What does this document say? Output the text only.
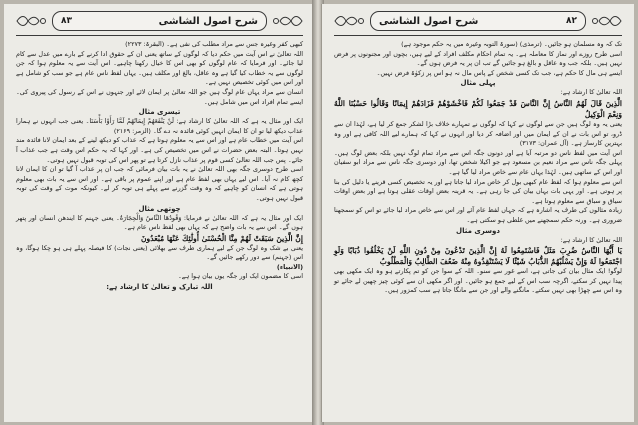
۸۳	شرح اصول الشاشی

کبھی کفر وغیرہ جس سے مراد مطلب کی نفی ہے۔ (البقرۃ: ۲۲۷۳)

اللہ تعالیٰ نے اس آیت میں حکم دیا کہ لوگوں کے ساتھ یعنی ان کے حقوق ادا کرنے کے بارے میں عدل سے کام لیا جائے۔ اور فرمایا کہ عام لوگوں کو بھی اس کا خیال رکھنا چاہیے۔ اس آیت سے یہ معلوم ہوا کہ جن لوگوں سے یہ خطاب کیا گیا ہے وہ عاقل، بالغ اور مکلف ہیں۔ یہاں لفظ ناس عام ہے جو سب کو شامل ہے اور اس میں کوئی تخصیص نہیں ہے۔

انسان سے مراد یہاں عام لوگ ہیں جو اللہ تعالیٰ پر ایمان لائے اور جنہوں نے اس کے رسول کی پیروی کی۔ ایسے تمام افراد اس میں شامل ہیں۔

تیسری مثال

ایک اور مثال یہ ہے کہ اللہ تعالیٰ کا ارشاد ہے: لَنْ يَنْفَعَهُمْ إِيمَانُهُمْ لَمَّا رَأَوْا بَأْسَنَا۔ یعنی جب انہوں نے ہمارا عذاب دیکھ لیا تو ان کا ایمان انہیں کوئی فائدہ نہ دے گا۔ (الزمر: ۲۱۶۹)

اس آیت میں خطاب عام ہے اور اس سے یہ معلوم ہوتا ہے کہ عذاب کو دیکھ لینے کے بعد ایمان لانا فائدہ مند نہیں ہوتا۔ البتہ بعض حضرات نے اس میں تخصیص کی ہے۔ اور کہا کہ یہ حکم اس وقت ہے جب عذاب آ جائے۔ پس جب اللہ تعالیٰ کسی قوم پر عذاب نازل کرتا ہے تو پھر اس کی توبہ قبول نہیں ہوتی۔

اسی طرح دوسری جگہ بھی اللہ تعالیٰ نے یہ بات بیان فرمائی کہ جب ان پر عذاب آ گیا تو ان کا ایمان لانا کچھ کام نہ آیا۔ اس لیے یہاں بھی لفظ عام ہے اور اپنے عموم پر باقی ہے۔ اور اس سے یہ بات بھی معلوم ہوتی ہے کہ انسان کو چاہیے کہ وہ وقت گزرنے سے پہلے ہی توبہ کر لے۔ کیونکہ موت کے وقت کی توبہ قبول نہیں ہوتی۔

چوتھی مثال

ایک اور مثال یہ ہے کہ اللہ تعالیٰ نے فرمایا: وَقُودُهَا النَّاسُ وَالْحِجَارَةُ۔ یعنی جہنم کا ایندھن انسان اور پتھر ہوں گے۔ اس سے یہ بات واضح ہے کہ یہاں بھی لفظ ناس عام ہے۔

إِنَّ الَّذِينَ سَبَقَتْ لَهُمْ مِنَّا الْحُسْنَىٰ أُولَٰئِكَ عَنْهَا مُبْعَدُونَ

یعنی بے شک وہ لوگ جن کے لیے ہماری طرف سے بھلائی (یعنی نجات) کا فیصلہ پہلے ہی ہو چکا ہوگا، وہ اس (جہنم) سے دور رکھے جائیں گے۔

(الانبیاء)

اسی کا مضمون ایک اور جگہ یوں بیان ہوا ہے۔

اللہ تبارک و تعالیٰ کا ارشاد ہے:

شرح اصول الشاشی	۸۲

تک کہ وہ مسلمان ہو جائیں۔ (ترمذی) (سورۃ التوبہ وغیرہ میں یہ حکم موجود ہے)

اسی طرح روزے اور نماز کا معاملہ ہے۔ یہ تمام احکام مکلف افراد کے لیے ہیں، بچوں اور مجنونوں پر فرض نہیں ہیں۔ بلکہ جب وہ عاقل و بالغ ہو جائیں گے تب ان پر یہ فرض ہوں گے۔

ایسے ہی مال کا حکم ہے، جب تک کسی شخص کے پاس مال نہ ہو اس پر زکوٰۃ فرض نہیں۔

پہلی مثال

اللہ تعالیٰ کا ارشاد ہے:

الَّذِينَ قَالَ لَهُمُ النَّاسُ إِنَّ النَّاسَ قَدْ جَمَعُوا لَكُمْ فَاخْشَوْهُمْ فَزَادَهُمْ إِيمَانًا وَقَالُوا حَسْبُنَا اللَّهُ وَنِعْمَ الْوَكِيلُ

یعنی یہ وہ لوگ ہیں جن سے لوگوں نے کہا کہ لوگوں نے تمہارے خلاف بڑا لشکر جمع کر لیا ہے، لہٰذا ان سے ڈرو، تو اس بات نے ان کے ایمان میں اور اضافہ کر دیا اور انہوں نے کہا کہ ہمارے لیے اللہ کافی ہے اور وہ بہترین کارساز ہے۔ (آل عمران: ۳۱۷۳)

اس آیت میں لفظ ناس دو مرتبہ آیا ہے اور دونوں جگہ اس سے مراد تمام لوگ نہیں بلکہ بعض لوگ ہیں۔ پہلی جگہ ناس سے مراد نعیم بن مسعود ہے جو اکیلا شخص تھا، اور دوسری جگہ ناس سے مراد ابو سفیان اور اس کے ساتھی ہیں۔ لہٰذا یہاں عام سے خاص مراد لیا گیا ہے۔

اس سے معلوم ہوا کہ لفظ عام کبھی بول کر خاص مراد لیا جاتا ہے اور یہ تخصیص کسی قرینے یا دلیل کی بنا پر ہوتی ہے۔ اور یہی بات یہاں بیان کی جا رہی ہے۔ یہ قرینہ بعض اوقات عقلی ہوتا ہے اور بعض اوقات سیاق و سباق سے معلوم ہوتا ہے۔

زیادہ مثالوں کی طرف یہ اشارہ ہے کہ جہاں لفظ عام آئے اور اس سے خاص مراد لیا جائے تو اس کو سمجھنا ضروری ہے۔ ورنہ حکم سمجھنے میں غلطی ہو سکتی ہے۔

دوسری مثال

اللہ تعالیٰ کا ارشاد ہے:

يَا أَيُّهَا النَّاسُ ضُرِبَ مَثَلٌ فَاسْتَمِعُوا لَهُ إِنَّ الَّذِينَ تَدْعُونَ مِنْ دُونِ اللَّهِ لَنْ يَخْلُقُوا ذُبَابًا وَلَوِ اجْتَمَعُوا لَهُ وَإِنْ يَسْلُبْهُمُ الذُّبَابُ شَيْئًا لَا يَسْتَنْقِذُوهُ مِنْهُ ضَعُفَ الطَّالِبُ وَالْمَطْلُوبُ

لوگو! ایک مثال بیان کی جاتی ہے، اسے غور سے سنو۔ اللہ کے سوا جن کو تم پکارتے ہو وہ ایک مکھی بھی پیدا نہیں کر سکتے، اگرچہ سب اس کے لیے جمع ہو جائیں۔ اور اگر مکھی ان سے کوئی چیز چھین لے جائے تو وہ اس سے چھڑا بھی نہیں سکتے۔ مانگنے والے اور جن سے مانگا جاتا ہے سب کمزور ہیں۔
